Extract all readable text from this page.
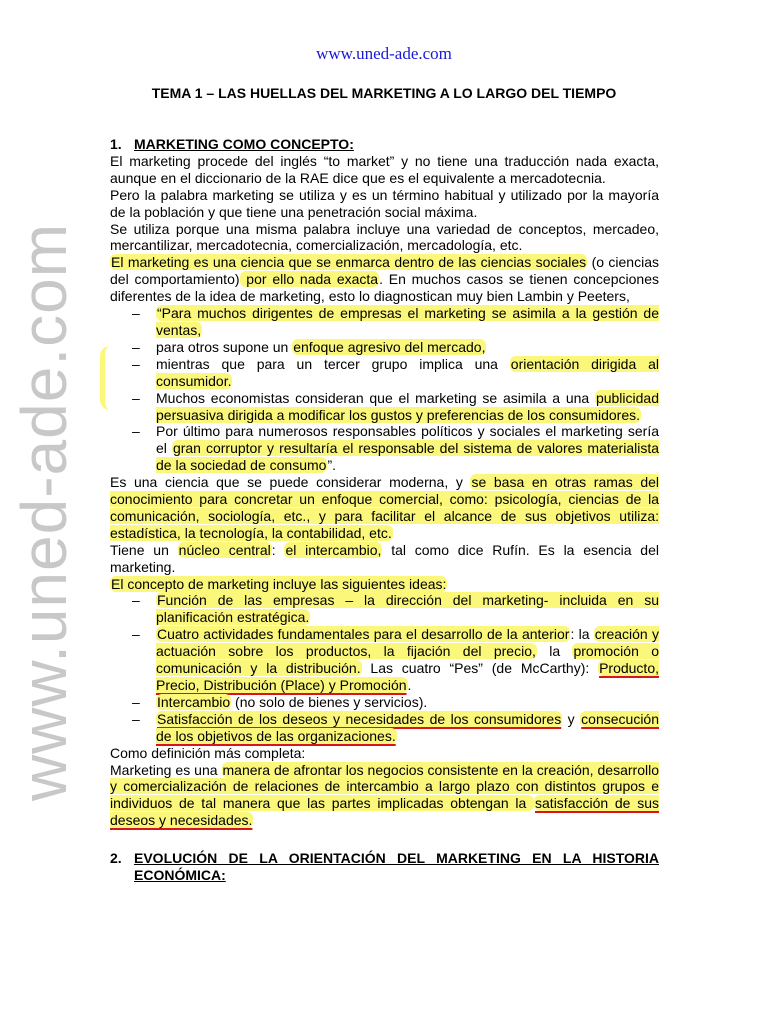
www.uned-ade.com
www.uned-ade.com
TEMA 1 – LAS HUELLAS DEL MARKETING A LO LARGO DEL TIEMPO
1. MARKETING COMO CONCEPTO:

El marketing procede del inglés “to market” y no tiene una traducción nada exacta, aunque en el diccionario de la RAE dice que es el equivalente a mercadotecnia.

Pero la palabra marketing se utiliza y es un término habitual y utilizado por la mayoría de la población y que tiene una penetración social máxima.

Se utiliza porque una misma palabra incluye una variedad de conceptos, mercadeo, mercantilizar, mercadotecnia, comercialización, mercadología, etc.

El marketing es una ciencia que se enmarca dentro de las ciencias sociales (o ciencias del comportamiento) por ello nada exacta. En muchos casos se tienen concepciones diferentes de la idea de marketing, esto lo diagnostican muy bien Lambin y Peeters,

– “Para muchos dirigentes de empresas el marketing se asimila a la gestión de ventas,
– para otros supone un enfoque agresivo del mercado,
– mientras que para un tercer grupo implica una orientación dirigida al consumidor.
– Muchos economistas consideran que el marketing se asimila a una publicidad persuasiva dirigida a modificar los gustos y preferencias de los consumidores.
– Por último para numerosos responsables políticos y sociales el marketing sería el gran corruptor y resultaría el responsable del sistema de valores materialista de la sociedad de consumo”.

Es una ciencia que se puede considerar moderna, y se basa en otras ramas del conocimiento para concretar un enfoque comercial, como: psicología, ciencias de la comunicación, sociología, etc., y para facilitar el alcance de sus objetivos utiliza: estadística, la tecnología, la contabilidad, etc.

Tiene un núcleo central: el intercambio, tal como dice Rufín. Es la esencia del marketing.

El concepto de marketing incluye las siguientes ideas:

– Función de las empresas – la dirección del marketing- incluida en su planificación estratégica.
– Cuatro actividades fundamentales para el desarrollo de la anterior: la creación y actuación sobre los productos, la fijación del precio, la promoción o comunicación y la distribución. Las cuatro “Pes” (de McCarthy): Producto, Precio, Distribución (Place) y Promoción.
– Intercambio (no solo de bienes y servicios).
– Satisfacción de los deseos y necesidades de los consumidores y consecución de los objetivos de las organizaciones.

Como definición más completa:

Marketing es una manera de afrontar los negocios consistente en la creación, desarrollo y comercialización de relaciones de intercambio a largo plazo con distintos grupos e individuos de tal manera que las partes implicadas obtengan la satisfacción de sus deseos y necesidades.

2. EVOLUCIÓN DE LA ORIENTACIÓN DEL MARKETING EN LA HISTORIA ECONÓMICA:
